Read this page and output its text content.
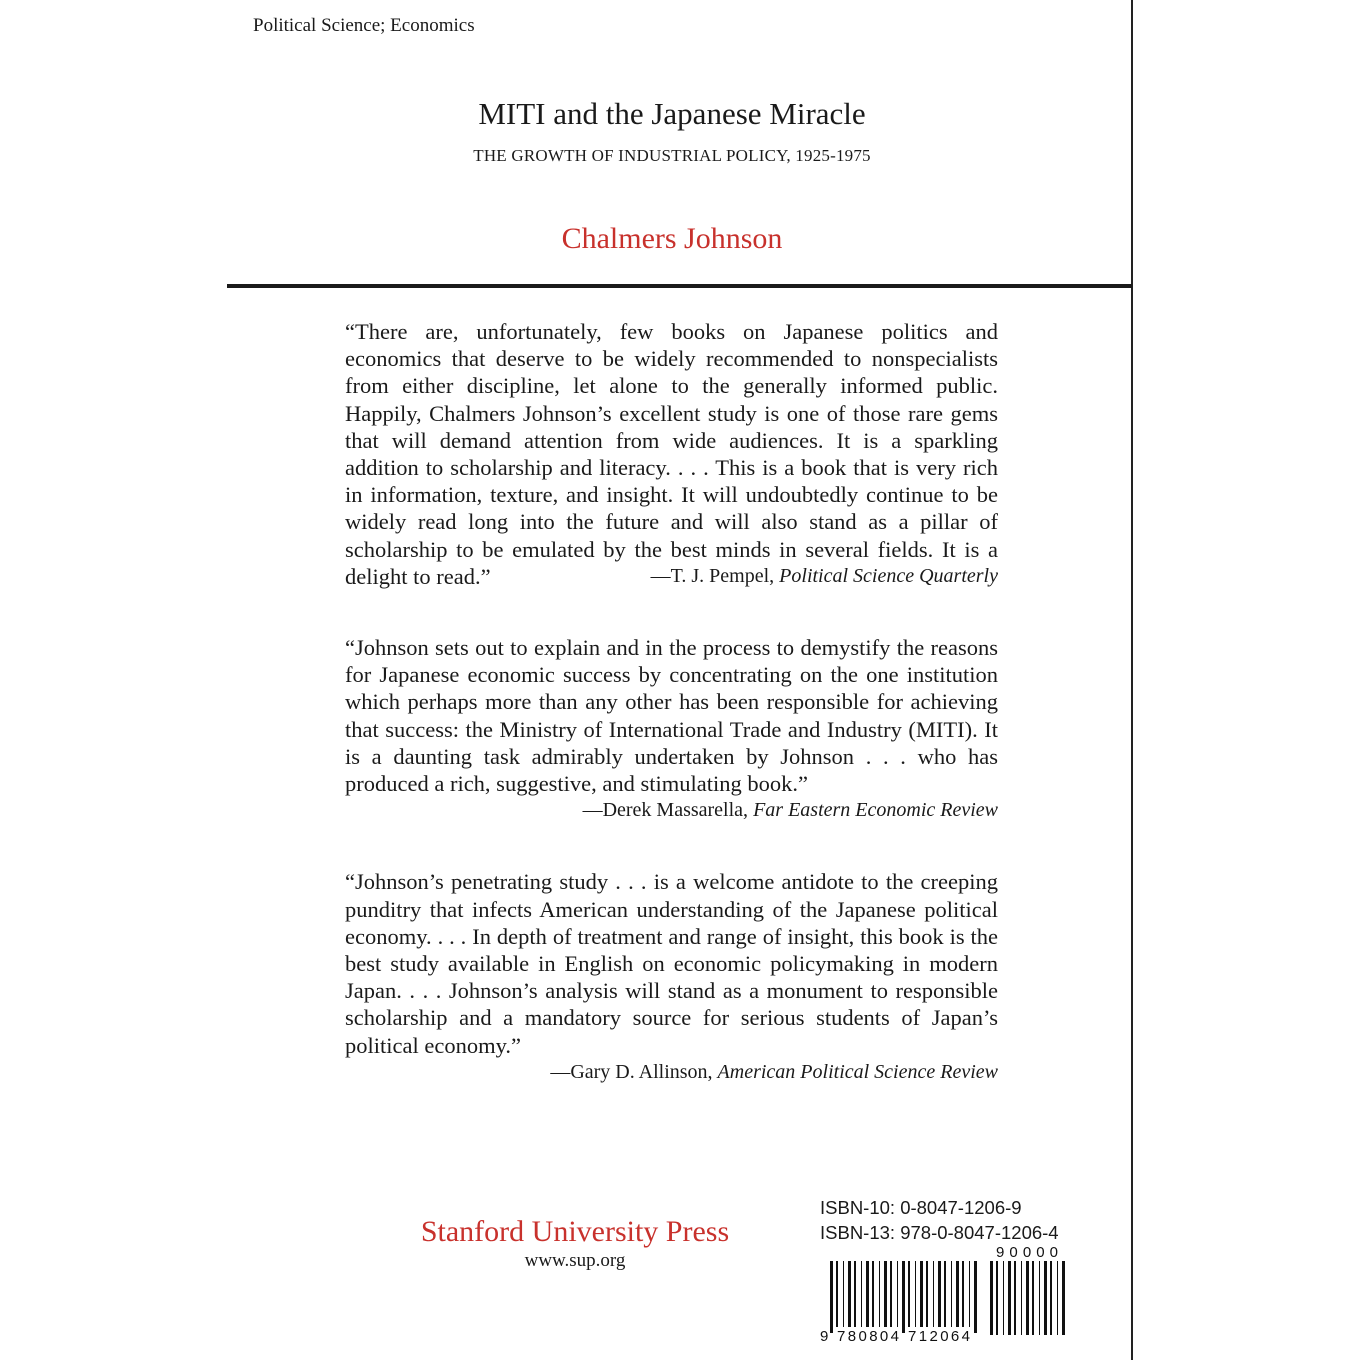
Political Science; Economics
MITI and the Japanese Miracle
THE GROWTH OF INDUSTRIAL POLICY, 1925-1975
Chalmers Johnson

“There are, unfortunately, few books on Japanese politics and economics that deserve to be widely recommended to nonspecialists from either discipline, let alone to the generally informed public. Happily, Chalmers Johnson’s excellent study is one of those rare gems that will demand attention from wide audiences. It is a sparkling addition to scholarship and literacy. . . . This is a book that is very rich in information, texture, and insight. It will undoubtedly continue to be widely read long into the future and will also stand as a pillar of scholarship to be emulated by the best minds in several fields. It is a delight to read.”	—T. J. Pempel, Political Science Quarterly

“Johnson sets out to explain and in the process to demystify the reasons for Japanese economic success by concentrating on the one institution which perhaps more than any other has been responsible for achieving that success: the Ministry of International Trade and Industry (MITI). It is a daunting task admirably undertaken by Johnson . . . who has produced a rich, suggestive, and stimulating book.”

—Derek Massarella, Far Eastern Economic Review

“Johnson’s penetrating study . . . is a welcome antidote to the creeping punditry that infects American understanding of the Japanese political economy. . . . In depth of treatment and range of insight, this book is the best study available in English on economic policymaking in modern Japan. . . . Johnson’s analysis will stand as a monument to responsible scholarship and a mandatory source for serious students of Japan’s political economy.”

—Gary D. Allinson, American Political Science Review
Stanford University Press
www.sup.org
ISBN-10: 0-8047-1206-9
ISBN-13: 978-0-8047-1206-4
9 780804 712064
90000
